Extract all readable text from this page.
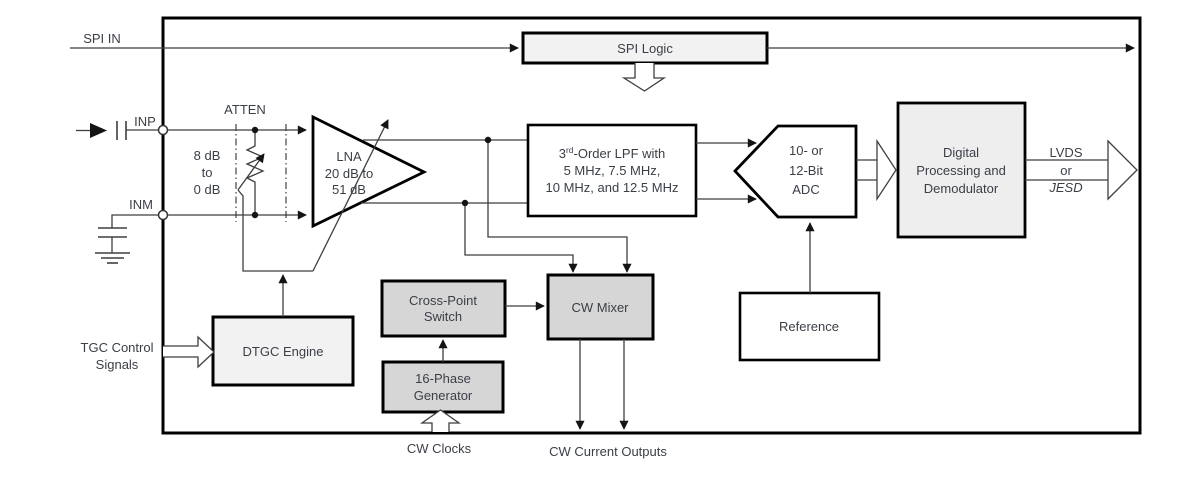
SPI IN
SPI Logic
INP
INM
ATTEN
8 dB
to
0 dB
LNA
20 dB to
51 dB
3rd-Order LPF with
5 MHz, 7.5 MHz,
10 MHz, and 12.5 MHz
10- or
12-Bit
ADC
Reference
Digital
Processing and
Demodulator
LVDS
or
JESD
DTGC Engine
TGC Control
Signals
Cross-Point
Switch
16-Phase
Generator
CW Mixer
CW Clocks	CW Current Outputs
